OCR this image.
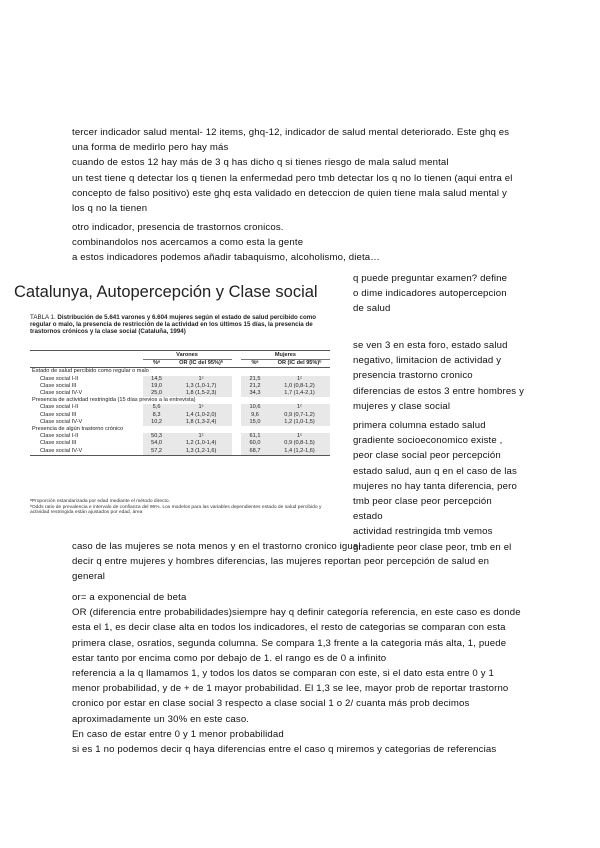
tercer indicador salud mental- 12 items, ghq-12, indicador de salud mental deteriorado. Este ghq es
una forma de medirlo pero hay más
cuando de estos 12 hay más de 3 q has dicho q si tienes riesgo de mala salud mental
un test tiene q detectar los q tienen la enfermedad pero tmb detectar los q no lo tienen (aqui entra el
concepto de falso positivo) este ghq esta validado en deteccion de quien tiene mala salud mental y
los q no la tienen
otro indicador, presencia de trastornos cronicos.
combinandolos nos acercamos a como esta la gente
a estos indicadores podemos añadir tabaquismo, alcoholismo, dieta…
Catalunya, Autopercepción y Clase social
TABLA 1. Distribución de 5.641 varones y 6.604 mujeres según el estado de salud percibido como regular o malo, la presencia de restricción de la actividad en los últimos 15 días, la presencia de trastornos crónicos y la clase social (Cataluña, 1994)
	Varones			Mujeres	
	%ᵃ	OR (IC del 95%)ᵇ		%ᵃ	OR (IC del 95%)ᵇ
Estado de salud percibido como regular o malo					
Clase social I-II	14,5	1ᶜ		21,5	1ᶜ
Clase social III	19,0	1,3 (1,0-1,7)		21,2	1,0 (0,8-1,2)
Clase social IV-V	25,0	1,8 (1,5-2,3)		34,3	1,7 (1,4-2,1)
Presencia de actividad restringida (15 días previos a la entrevista)					
Clase social I-II	5,6	1ᶜ		10,6	1ᶜ
Clase social III	8,3	1,4 (1,0-2,0)		9,6	0,9 (0,7-1,2)
Clase social IV-V	10,2	1,8 (1,3-2,4)		15,0	1,2 (1,0-1,5)
Presencia de algún trastorno crónico					
Clase social I-II	50,3	1ᶜ		61,1	1ᶜ
Clase social III	54,0	1,2 (1,0-1,4)		60,0	0,9 (0,8-1,5)
Clase social IV-V	57,2	1,3 (1,2-1,6)		68,7	1,4 (1,2-1,6)
ᵃProporción estandarizada por edad mediante el método directo.
ᵇOdds ratio de prevalencia e intervalo de confianza del 95%. Los modelos para las variables dependientes estado de salud percibido y actividad restringida están ajustados por edad, área
q puede preguntar examen? define
o dime indicadores autopercepcion
de salud
se ven 3 en esta foro, estado salud
negativo, limitacion de actividad y
presencia trastorno cronico
diferencias de estos 3 entre hombres y
mujeres y clase social
primera columna estado salud
gradiente socioeconomico existe ,
peor clase social peor percepción
estado salud, aun q en el caso de las
mujeres no hay tanta diferencia, pero
tmb peor clase peor percepción
estado
actividad restringida tmb vemos
gradiente peor clase peor, tmb en el
caso de las mujeres se nota menos y en el trastorno cronico igual
decir q entre mujeres y hombres diferencias, las mujeres reportan peor percepción de salud en
general
or= a exponencial de beta
OR (diferencia entre probabilidades)siempre hay q definir categoría referencia, en este caso es donde
esta el 1, es decir clase alta en todos los indicadores, el resto de categorias se comparan con esta
primera clase, osratios, segunda columna. Se compara 1,3 frente a la categoria más alta, 1, puede
estar tanto por encima como por debajo de 1. el rango es de 0 a infinito
referencia a la q llamamos 1, y todos los datos se comparan con este, si el dato esta entre 0 y 1
menor probabilidad, y de + de 1 mayor probabilidad. El 1,3 se lee, mayor prob de reportar trastorno
cronico por estar en clase social 3 respecto a clase social 1 o 2/ cuanta más prob decimos
aproximadamente un 30% en este caso.
En caso de estar entre 0 y 1 menor probabilidad
si es 1 no podemos decir q haya diferencias entre el caso q miremos y categorias de referencias
